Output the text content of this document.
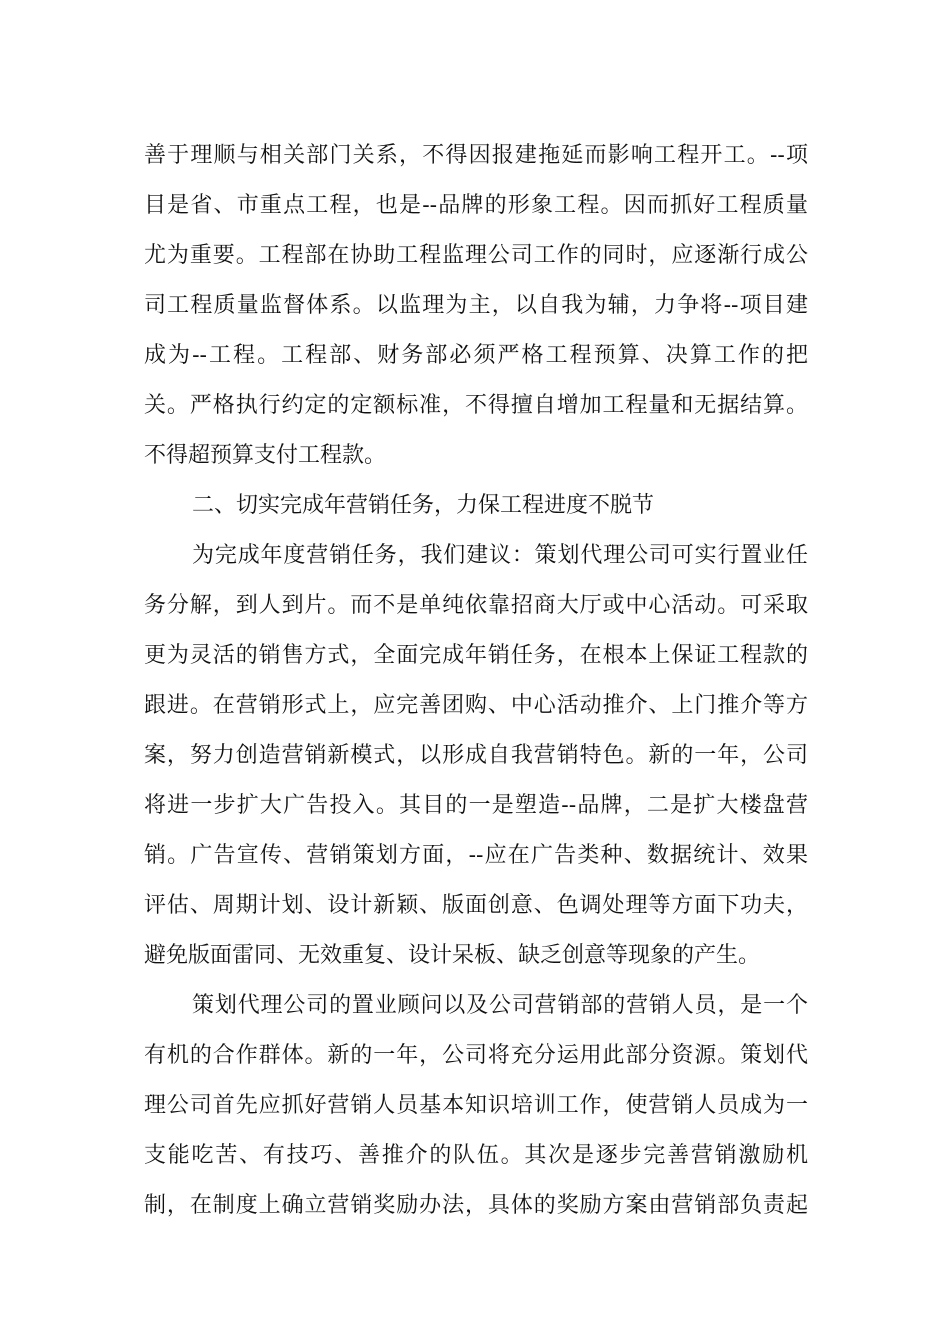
善于理顺与相关部门关系，不得因报建拖延而影响工程开工。--项
目是省、市重点工程，也是--品牌的形象工程。因而抓好工程质量
尤为重要。工程部在协助工程监理公司工作的同时，应逐渐行成公
司工程质量监督体系。以监理为主，以自我为辅，力争将--项目建
成为--工程。工程部、财务部必须严格工程预算、决算工作的把
关。严格执行约定的定额标准，不得擅自增加工程量和无据结算。
不得超预算支付工程款。
二、切实完成年营销任务，力保工程进度不脱节
为完成年度营销任务，我们建议：策划代理公司可实行置业任
务分解，到人到片。而不是单纯依靠招商大厅或中心活动。可采取
更为灵活的销售方式，全面完成年销任务，在根本上保证工程款的
跟进。在营销形式上，应完善团购、中心活动推介、上门推介等方
案，努力创造营销新模式，以形成自我营销特色。新的一年，公司
将进一步扩大广告投入。其目的一是塑造--品牌，二是扩大楼盘营
销。广告宣传、营销策划方面，--应在广告类种、数据统计、效果
评估、周期计划、设计新颖、版面创意、色调处理等方面下功夫，
避免版面雷同、无效重复、设计呆板、缺乏创意等现象的产生。
策划代理公司的置业顾问以及公司营销部的营销人员，是一个
有机的合作群体。新的一年，公司将充分运用此部分资源。策划代
理公司首先应抓好营销人员基本知识培训工作，使营销人员成为一
支能吃苦、有技巧、善推介的队伍。其次是逐步完善营销激励机
制，在制度上确立营销奖励办法，具体的奖励方案由营销部负责起
